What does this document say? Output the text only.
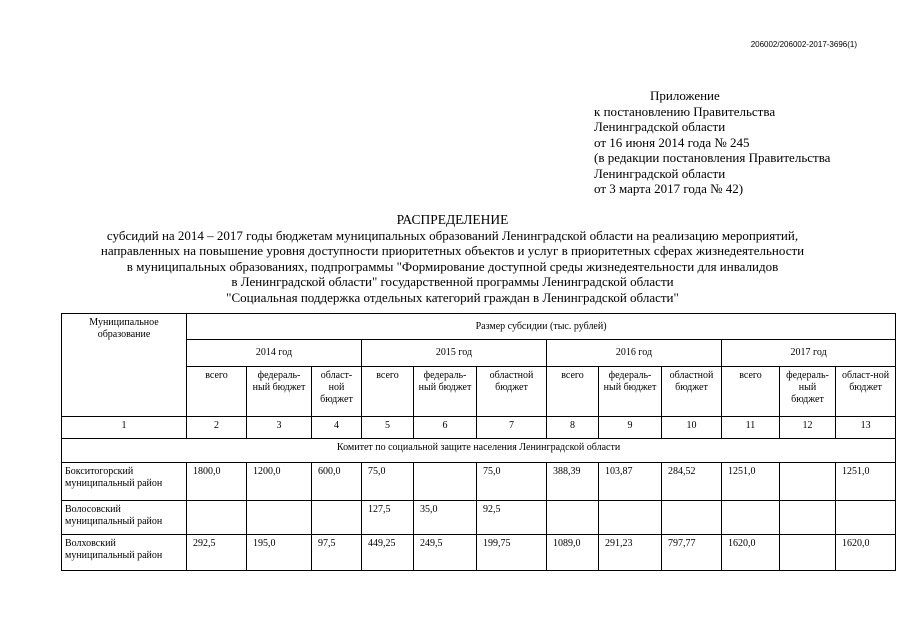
206002/206002-2017-3696(1)
Приложение
к постановлению Правительства
Ленинградской области
от 16 июня 2014 года № 245
(в редакции постановления Правительства
Ленинградской области
от 3 марта 2017 года № 42)
РАСПРЕДЕЛЕНИЕ
субсидий на 2014 – 2017 годы бюджетам муниципальных образований Ленинградской области на реализацию мероприятий,
направленных на повышение уровня доступности приоритетных объектов и услуг в приоритетных сферах жизнедеятельности
в муниципальных образованиях, подпрограммы "Формирование доступной среды жизнедеятельности для инвалидов
в Ленинградской области" государственной программы Ленинградской области
"Социальная поддержка отдельных категорий граждан в Ленинградской области"
Муниципальное образование	Размер субсидии (тыс. рублей)											
	2014 год			2015 год			2016 год			2017 год		
	всего	федераль-ный бюджет	област-ной бюджет	всего	федераль-ный бюджет	областной бюджет	всего	федераль-ный бюджет	областной бюджет	всего	федераль-ный бюджет	област-ной бюджет
1	2	3	4	5	6	7	8	9	10	11	12	13
Комитет по социальной защите населения Ленинградской области												
Бокситогорский муниципальный район	1800,0	1200,0	600,0	75,0		75,0	388,39	103,87	284,52	1251,0		1251,0
Волосовский муниципальный район				127,5	35,0	92,5						
Волховский муниципальный район	292,5	195,0	97,5	449,25	249,5	199,75	1089,0	291,23	797,77	1620,0		1620,0
